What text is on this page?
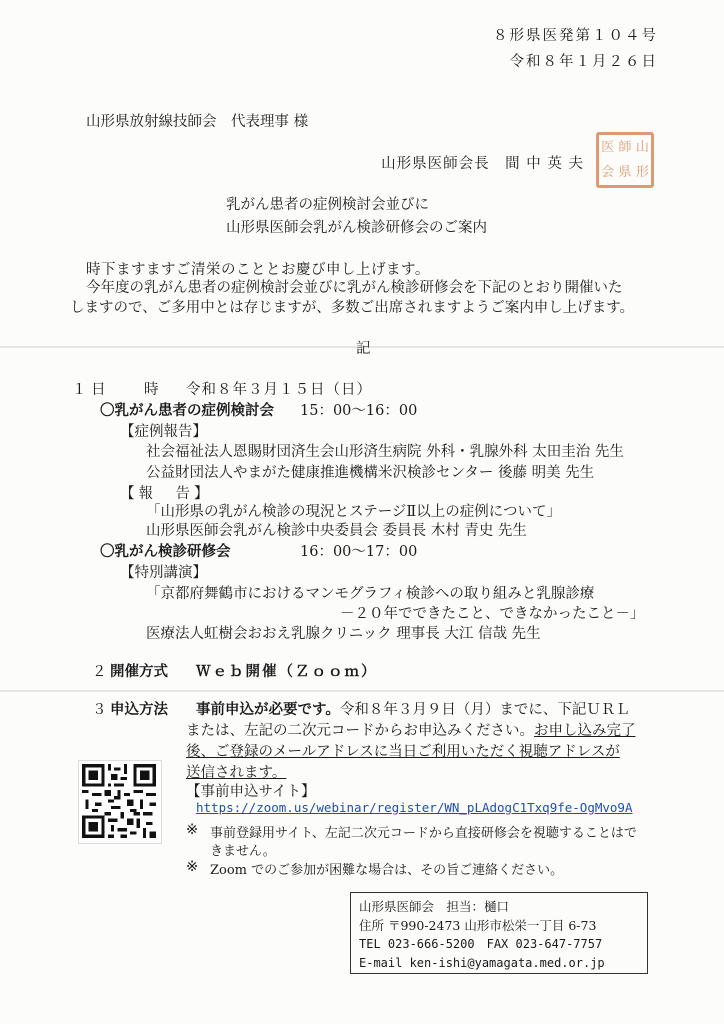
８形県医発第１０４号
令和８年１月２６日
山形県放射線技師会　代表理事 様
山形県医師会長　間 中 英 夫
医 師 山
会 県 形
乳がん患者の症例検討会並びに
山形県医師会乳がん検診研修会のご案内
時下ますますご清栄のこととお慶び申し上げます。
今年度の乳がん患者の症例検討会並びに乳がん検診研修会を下記のとおり開催いた
しますので、ご多用中とは存じますが、多数ご出席されますようご案内申し上げます。
記
１ 日	時 令和８年３月１５日（日）
〇乳がん患者の症例検討会 15：00～16：00
【症例報告】
社会福祉法人恩賜財団済生会山形済生病院 外科・乳腺外科 太田圭治 先生
公益財団法人やまがた健康推進機構米沢検診センター 後藤 明美 先生
【報　告】
「山形県の乳がん検診の現況とステージⅡ以上の症例について」
山形県医師会乳がん検診中央委員会 委員長 木村 青史 先生
〇乳がん検診研修会	16：00～17：00
【特別講演】
「京都府舞鶴市におけるマンモグラフィ検診への取り組みと乳腺診療
－２０年でできたこと、できなかったこと－」
医療法人虹樹会おおえ乳腺クリニック 理事長 大江 信哉 先生
２ 開催方式 Ｗｅｂ開催（Ｚｏｏｍ）
３ 申込方法 事前申込が必要です。令和８年３月９日（月）までに、下記ＵＲＬ
または、左記の二次元コードからお申込みください。お申し込み完了
後、ご登録のメールアドレスに当日ご利用いただく視聴アドレスが
送信されます。
【事前申込サイト】
https://zoom.us/webinar/register/WN_pLAdogC1Txq9fe-OgMvo9A
※ 事前登録用サイト、左記二次元コードから直接研修会を視聴することはで
きません。
※ Zoom でのご参加が困難な場合は、その旨ご連絡ください。
山形県医師会　担当：樋口
住所 〒990-2473 山形市松栄一丁目 6-73
TEL 023-666-5200　FAX 023-647-7757
E-mail ken-ishi@yamagata.med.or.jp
